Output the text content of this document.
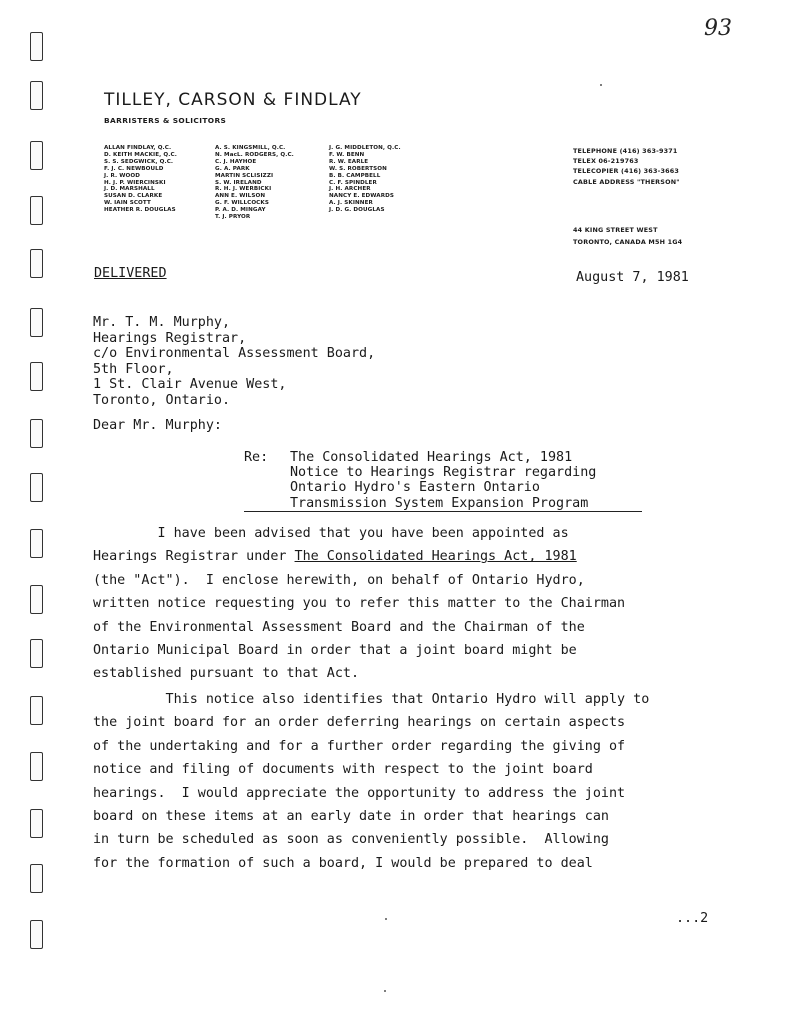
93
TILLEY, CARSON & FINDLAY
BARRISTERS & SOLICITORS
ALLAN FINDLAY, Q.C.
D. KEITH MACKIE, Q.C.
S. S. SEDGWICK, Q.C.
F. J. C. NEWBOULD
J. R. WOOD
H. J. P. WIERCINSKI
J. D. MARSHALL
SUSAN D. CLARKE
W. IAIN SCOTT
HEATHER R. DOUGLAS
A. S. KINGSMILL, Q.C.
N. MacL. RODGERS, Q.C.
C. J. HAYHOE
G. A. PARK
MARTIN SCLISIZZI
S. W. IRELAND
R. H. J. WERBICKI
ANN E. WILSON
G. F. WILLCOCKS
P. A. D. MINGAY
T. J. PRYOR
J. G. MIDDLETON, Q.C.
F. W. BENN
R. W. EARLE
W. S. ROBERTSON
B. B. CAMPBELL
C. F. SPINDLER
J. H. ARCHER
NANCY E. EDWARDS
A. J. SKINNER
J. D. G. DOUGLAS
TELEPHONE (416) 363-9371
TELEX 06-219763
TELECOPIER (416) 363-3663
CABLE ADDRESS "THERSON"
44 KING STREET WEST
TORONTO, CANADA M5H 1G4
DELIVERED	August 7, 1981
Mr. T. M. Murphy,
Hearings Registrar,
c/o Environmental Assessment Board,
5th Floor,
1 St. Clair Avenue West,
Toronto, Ontario.
Dear Mr. Murphy:
Re: The Consolidated Hearings Act, 1981
Notice to Hearings Registrar regarding
Ontario Hydro's Eastern Ontario
Transmission System Expansion Program
I have been advised that you have been appointed as
Hearings Registrar under The Consolidated Hearings Act, 1981
(the "Act").  I enclose herewith, on behalf of Ontario Hydro,
written notice requesting you to refer this matter to the Chairman
of the Environmental Assessment Board and the Chairman of the
Ontario Municipal Board in order that a joint board might be
established pursuant to that Act.
This notice also identifies that Ontario Hydro will apply to
the joint board for an order deferring hearings on certain aspects
of the undertaking and for a further order regarding the giving of
notice and filing of documents with respect to the joint board
hearings.  I would appreciate the opportunity to address the joint
board on these items at an early date in order that hearings can
in turn be scheduled as soon as conveniently possible.  Allowing
for the formation of such a board, I would be prepared to deal
...2
